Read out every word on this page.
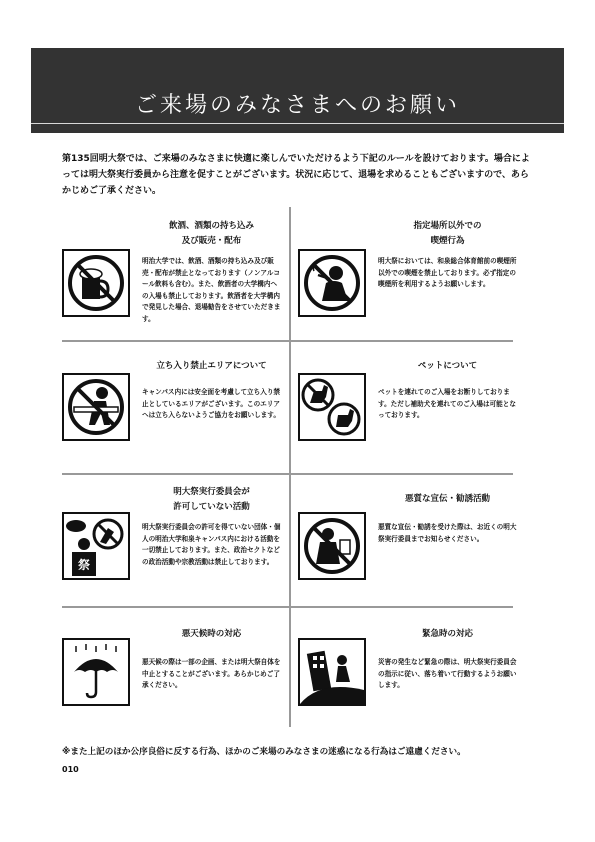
ご来場のみなさまへのお願い
第135回明大祭では、ご来場のみなさまに快適に楽しんでいただけるよう下記のルールを設けております。場合によっては明大祭実行委員から注意を促すことがございます。状況に応じて、退場を求めることもございますので、あらかじめご了承ください。
飲酒、酒類の持ち込み
及び販売・配布
明治大学では、飲酒、酒類の持ち込み及び販売・配布が禁止となっております（ノンアルコール飲料も含む）。また、飲酒者の大学構内への入場も禁止しております。飲酒者を大学構内で発見した場合、退場勧告をさせていただきます。
指定場所以外での
喫煙行為
明大祭においては、和泉総合体育館前の喫煙所以外での喫煙を禁止しております。必ず指定の喫煙所を利用するようお願いします。
立ち入り禁止エリアについて
キャンパス内には安全面を考慮して立ち入り禁止としているエリアがございます。このエリアへは立ち入らないようご協力をお願いします。
ペットについて
ペットを連れてのご入場をお断りしております。ただし補助犬を連れてのご入場は可能となっております。
明大祭実行委員会が
許可していない活動
明大祭実行委員会の許可を得ていない団体・個人の明治大学和泉キャンパス内における活動を一切禁止しております。また、政治セクトなどの政治活動や宗教活動は禁止しております。
祭
悪質な宣伝・勧誘活動
悪質な宣伝・勧誘を受けた際は、お近くの明大祭実行委員までお知らせください。
悪天候時の対応
悪天候の際は一部の企画、または明大祭自体を中止とすることがございます。あらかじめご了承ください。
緊急時の対応
災害の発生など緊急の際は、明大祭実行委員会の指示に従い、落ち着いて行動するようお願いします。
※また上記のほか公序良俗に反する行為、ほかのご来場のみなさまの迷惑になる行為はご遠慮ください。
010
